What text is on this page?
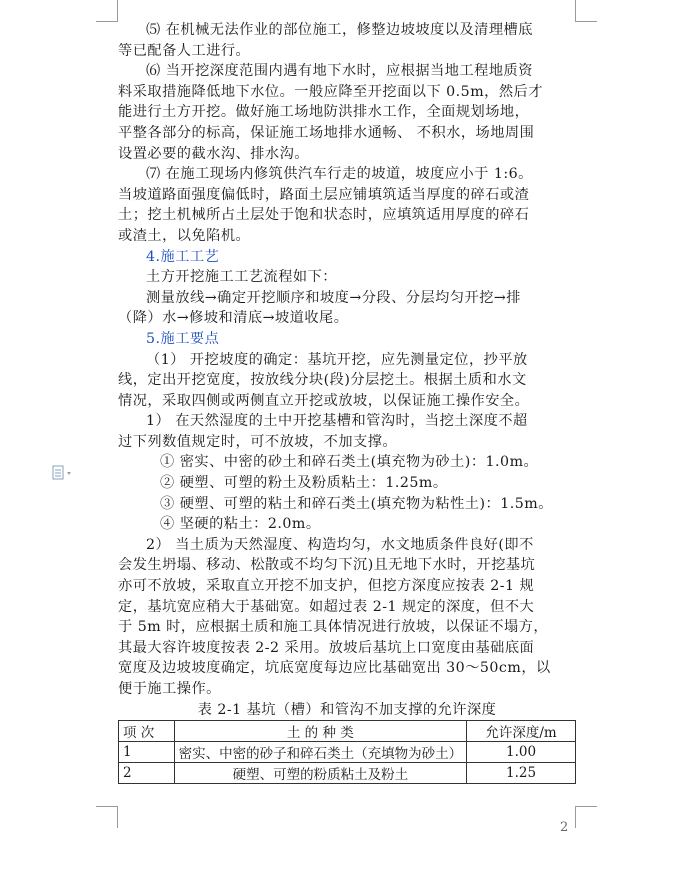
⑸ 在机械无法作业的部位施工，修整边坡坡度以及清理槽底

等已配备人工进行。

⑹ 当开挖深度范围内遇有地下水时，应根据当地工程地质资

料采取措施降低地下水位。一般应降至开挖面以下 0.5m，然后才

能进行土方开挖。做好施工场地防洪排水工作，全面规划场地，

平整各部分的标高，保证施工场地排水通畅、 不积水，场地周围

设置必要的截水沟、排水沟。

⑺ 在施工现场内修筑供汽车行走的坡道，坡度应小于 1:6。

当坡道路面强度偏低时，路面土层应铺填筑适当厚度的碎石或渣

土；挖土机械所占土层处于饱和状态时，应填筑适用厚度的碎石

或渣土，以免陷机。

4.施工工艺

土方开挖施工工艺流程如下：

测量放线→确定开挖顺序和坡度→分段、分层均匀开挖→排

（降）水→修坡和清底→坡道收尾。

5.施工要点

（1） 开挖坡度的确定：基坑开挖，应先测量定位，抄平放

线，定出开挖宽度，按放线分块(段)分层挖土。根据土质和水文

情况，采取四侧或两侧直立开挖或放坡，以保证施工操作安全。

1） 在天然湿度的土中开挖基槽和管沟时，当挖土深度不超

过下列数值规定时，可不放坡，不加支撑。

① 密实、中密的砂土和碎石类土(填充物为砂土)：1.0m。

② 硬塑、可塑的粉土及粉质粘土：1.25m。

③ 硬塑、可塑的粘土和碎石类土(填充物为粘性土)：1.5m。

④ 坚硬的粘土：2.0m。

2） 当土质为天然湿度、构造均匀，水文地质条件良好(即不

会发生坍塌、移动、松散或不均匀下沉)且无地下水时，开挖基坑

亦可不放坡，采取直立开挖不加支护，但挖方深度应按表 2-1 规

定，基坑宽应稍大于基础宽。如超过表 2-1 规定的深度，但不大

于 5m 时，应根据土质和施工具体情况进行放坡，以保证不塌方，

其最大容许坡度按表 2-2 采用。放坡后基坑上口宽度由基础底面

宽度及边坡坡度确定，坑底宽度每边应比基础宽出 30～50cm，以

便于施工操作。

表 2-1 基坑（槽）和管沟不加支撑的允许深度

项 次	土 的 种 类	允许深度/m
1	密实、中密的砂子和碎石类土（充填物为砂土）	1.00
2	硬塑、可塑的粉质粘土及粉土	1.25
2
